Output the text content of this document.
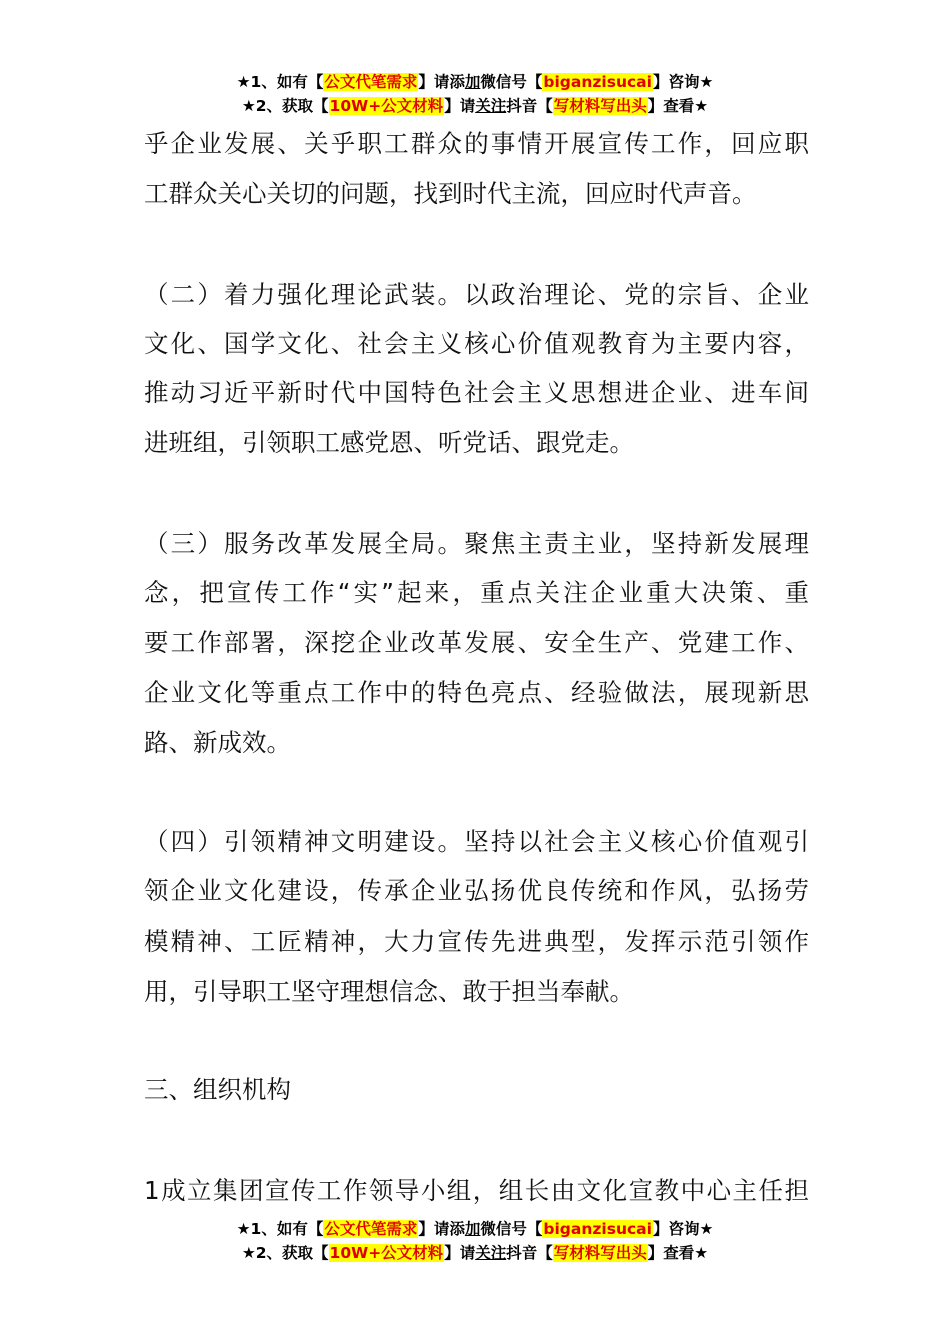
★1、如有【公文代笔需求】请添加微信号【biganzisucai】咨询★
★2、获取【10W+公文材料】请关注抖音【写材料写出头】查看★
乎企业发展、关乎职工群众的事情开展宣传工作，回应职
工群众关心关切的问题，找到时代主流，回应时代声音。
（二）着力强化理论武装。以政治理论、党的宗旨、企业
文化、国学文化、社会主义核心价值观教育为主要内容，
推动习近平新时代中国特色社会主义思想进企业、进车间
进班组，引领职工感党恩、听党话、跟党走。
（三）服务改革发展全局。聚焦主责主业，坚持新发展理
念，把宣传工作“实”起来，重点关注企业重大决策、重
要工作部署，深挖企业改革发展、安全生产、党建工作、
企业文化等重点工作中的特色亮点、经验做法，展现新思
路、新成效。
（四）引领精神文明建设。坚持以社会主义核心价值观引
领企业文化建设，传承企业弘扬优良传统和作风，弘扬劳
模精神、工匠精神，大力宣传先进典型，发挥示范引领作
用，引导职工坚守理想信念、敢于担当奉献。
三、组织机构
1成立集团宣传工作领导小组，组长由文化宣教中心主任担
★1、如有【公文代笔需求】请添加微信号【biganzisucai】咨询★
★2、获取【10W+公文材料】请关注抖音【写材料写出头】查看★
